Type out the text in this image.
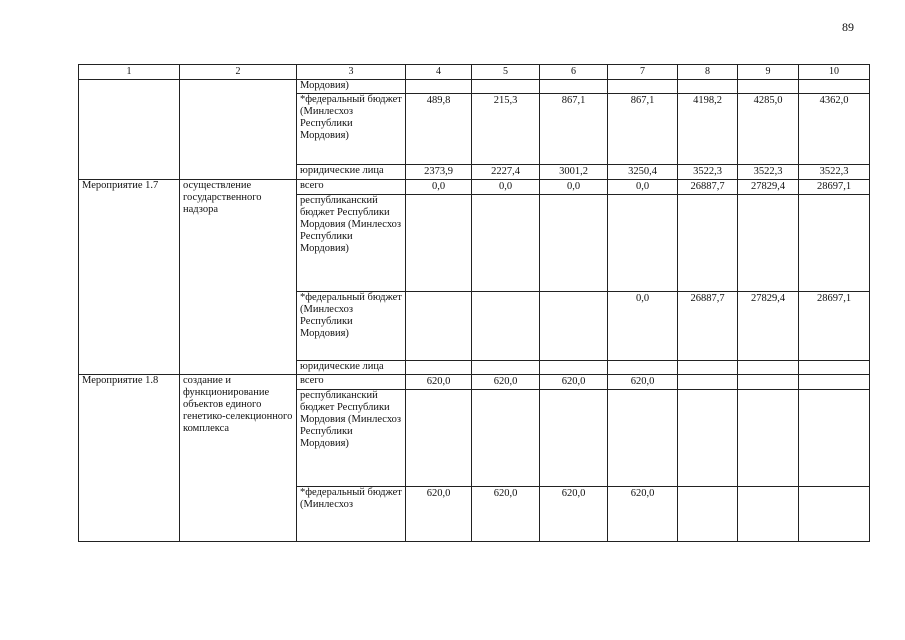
89
1	2	3	4	5	6	7	8	9	10
		Мордовия)							
		*федеральный бюджет (Минлесхоз Республики Мордовия)	489,8	215,3	867,1	867,1	4198,2	4285,0	4362,0
		юридические лица	2373,9	2227,4	3001,2	3250,4	3522,3	3522,3	3522,3
Мероприятие 1.7	осуществление государственного надзора	всего	0,0	0,0	0,0	0,0	26887,7	27829,4	28697,1
		республиканский бюджет Республики Мордовия (Минлесхоз Республики Мордовия)							
		*федеральный бюджет (Минлесхоз Республики Мордовия)				0,0	26887,7	27829,4	28697,1
		юридические лица							
Мероприятие 1.8	создание и функционирование объектов единого генетико-селекционного комплекса	всего	620,0	620,0	620,0	620,0			
		республиканский бюджет Республики Мордовия (Минлесхоз Республики Мордовия)							
		*федеральный бюджет (Минлесхоз	620,0	620,0	620,0	620,0			
